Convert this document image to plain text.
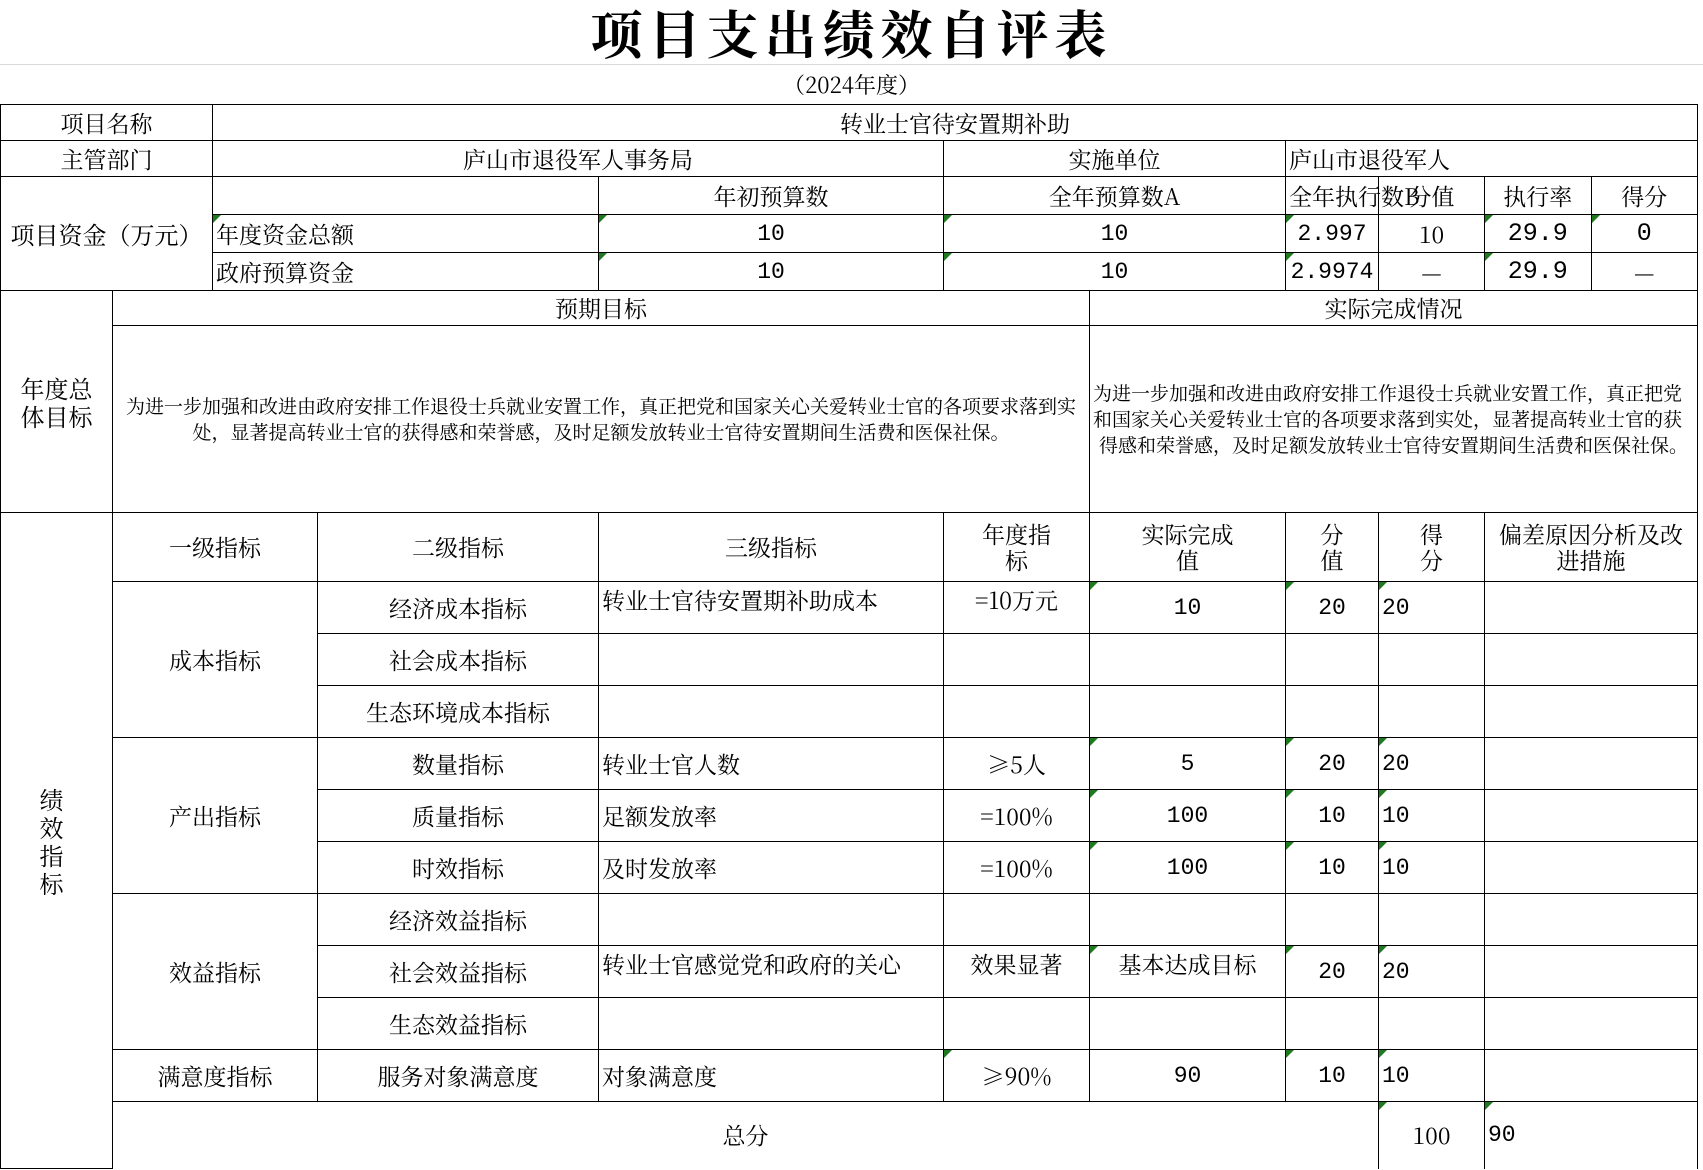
项目支出绩效自评表
（2024年度）
项目名称		转业士官待安置期补助								
主管部门		庐山市退役军人事务局			实施单位		庐山市退役军人			
项目资金（万元）				年初预算数	全年预算数A		全年执行数B	分值	执行率 得分	

		年度资金总额		10	10		2.997	10	29.9 0	

		政府预算资金		10	10		2.9974	—	29.9 —	

年度总体目标	预期目标					实际完成情况				
	为进一步加强和改进由政府安排工作退役士兵就业安置工作，真正把党和国家关心关爱转业士官的各项要求落到实处，显著提高转业士官的获得感和荣誉感，及时足额发放转业士官待安置期间生活费和医保社保。					为进一步加强和改进由政府安排工作退役士兵就业安置工作，真正把党和国家关心关爱转业士官的各项要求落到实处，显著提高转业士官的获得感和荣誉感，及时足额发放转业士官待安置期间生活费和医保社保。				
绩效指标	一级指标		二级指标	三级指标	年度指标	实际完成值	分值	得分	偏差原因分析及改进措施	
	成本指标		经济成本指标	转业士官待安置期补助成本	=10万元	10	20	20		
			社会成本指标							
			生态环境成本指标							
	产出指标		数量指标	转业士官人数	≥5人	5	20	20		
			质量指标	足额发放率	=100%	100	10	10		
			时效指标	及时发放率	=100%	100	10	10		
	效益指标		经济效益指标							
			社会效益指标	转业士官感觉党和政府的关心	效果显著	基本达成目标	20	20		
			生态效益指标							
	满意度指标		服务对象满意度	对象满意度	≥90%	90	10	10		
	总分							100	90	
